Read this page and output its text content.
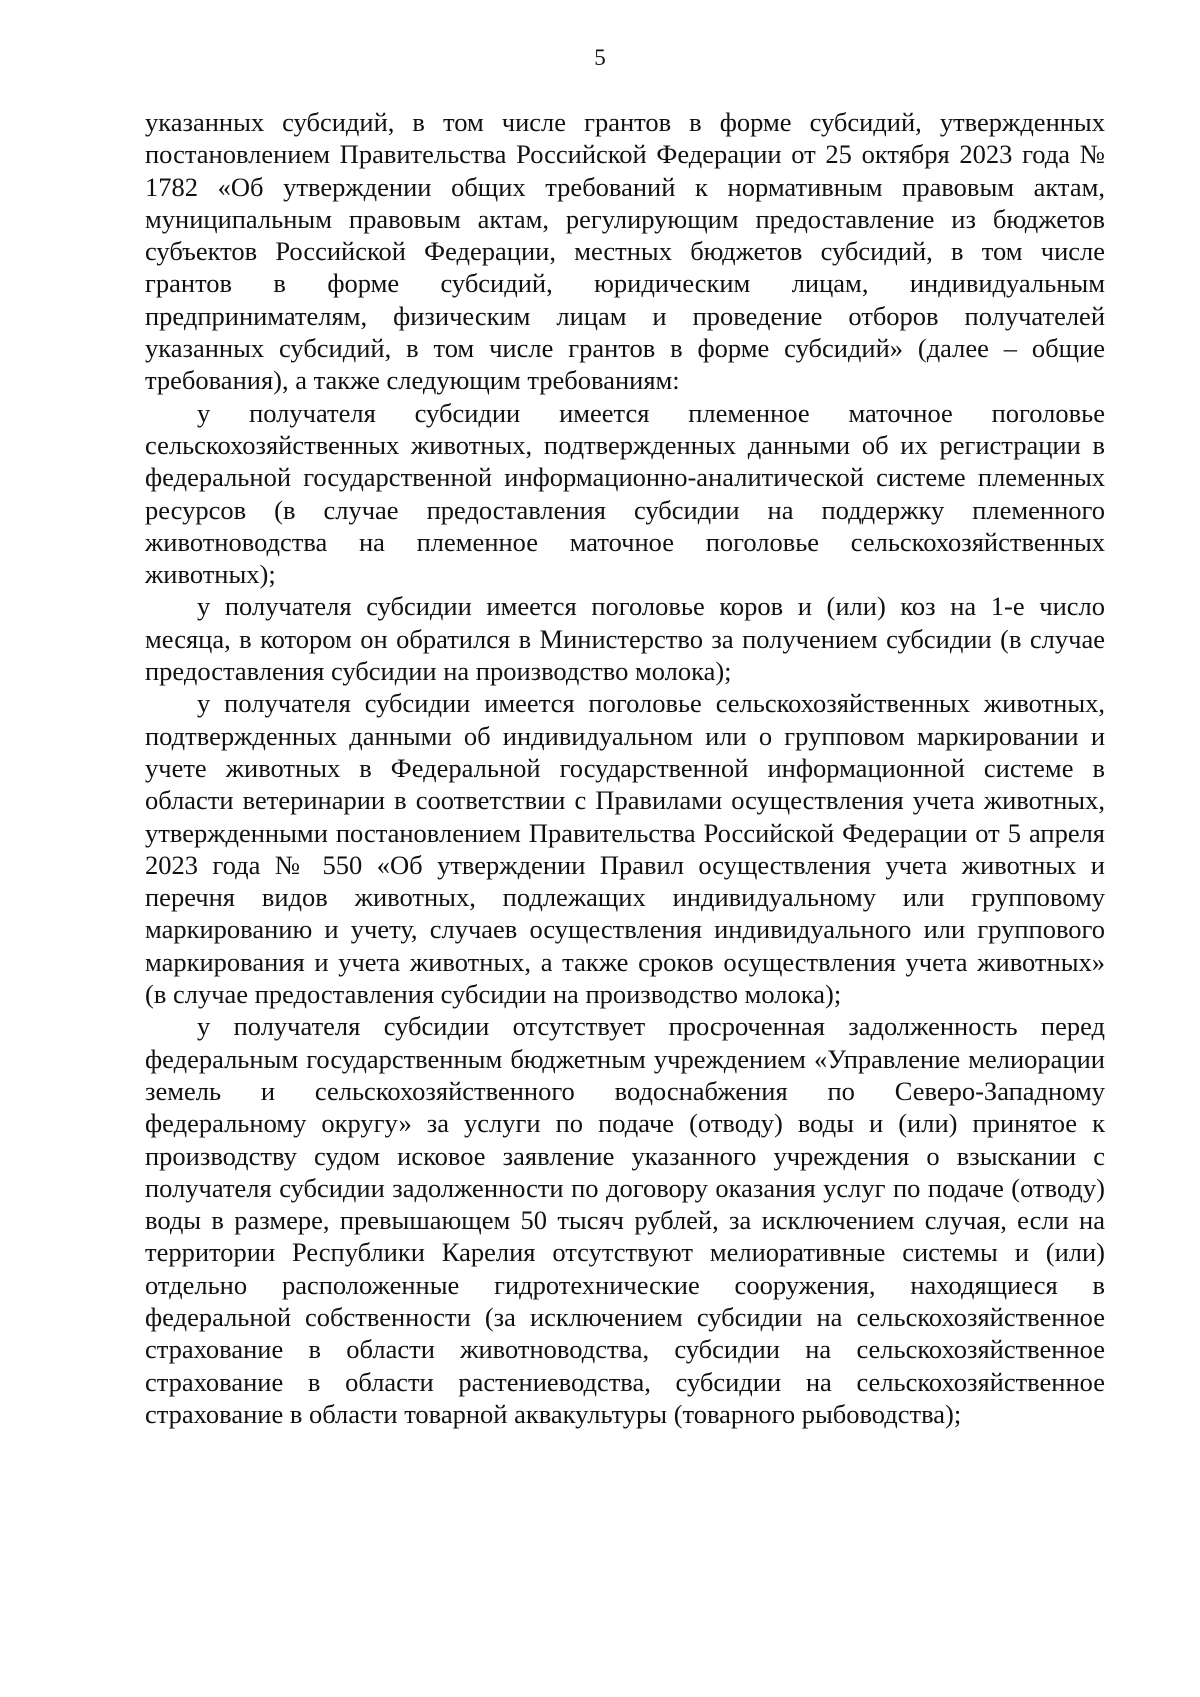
5

указанных субсидий, в том числе грантов в форме субсидий, утвержденных постановлением Правительства Российской Федерации от 25 октября 2023 года № 1782 «Об утверждении общих требований к нормативным правовым актам, муниципальным правовым актам, регулирующим предоставление из бюджетов субъектов Российской Федерации, местных бюджетов субсидий, в том числе грантов в форме субсидий, юридическим лицам, индивидуальным предпринимателям, физическим лицам и проведение отборов получателей указанных субсидий, в том числе грантов в форме субсидий» (далее – общие требования), а также следующим требованиям:

у получателя субсидии имеется племенное маточное поголовье сельскохозяйственных животных, подтвержденных данными об их регистрации в федеральной государственной информационно-аналитической системе племенных ресурсов (в случае предоставления субсидии на поддержку племенного животноводства на племенное маточное поголовье сельскохозяйственных животных);

у получателя субсидии имеется поголовье коров и (или) коз на 1-е число месяца, в котором он обратился в Министерство за получением субсидии (в случае предоставления субсидии на производство молока);

у получателя субсидии имеется поголовье сельскохозяйственных животных, подтвержденных данными об индивидуальном или о групповом маркировании и учете животных в Федеральной государственной информационной системе в области ветеринарии в соответствии с Правилами осуществления учета животных, утвержденными постановлением Правительства Российской Федерации от 5 апреля 2023 года № 550 «Об утверждении Правил осуществления учета животных и перечня видов животных, подлежащих индивидуальному или групповому маркированию и учету, случаев осуществления индивидуального или группового маркирования и учета животных, а также сроков осуществления учета животных» (в случае предоставления субсидии на производство молока);

у получателя субсидии отсутствует просроченная задолженность перед федеральным государственным бюджетным учреждением «Управление мелиорации земель и сельскохозяйственного водоснабжения по Северо-Западному федеральному округу» за услуги по подаче (отводу) воды и (или) принятое к производству судом исковое заявление указанного учреждения о взыскании с получателя субсидии задолженности по договору оказания услуг по подаче (отводу) воды в размере, превышающем 50 тысяч рублей, за исключением случая, если на территории Республики Карелия отсутствуют мелиоративные системы и (или) отдельно расположенные гидротехнические сооружения, находящиеся в федеральной собственности (за исключением субсидии на сельскохозяйственное страхование в области животноводства, субсидии на сельскохозяйственное страхование в области растениеводства, субсидии на сельскохозяйственное страхование в области товарной аквакультуры (товарного рыбоводства);
